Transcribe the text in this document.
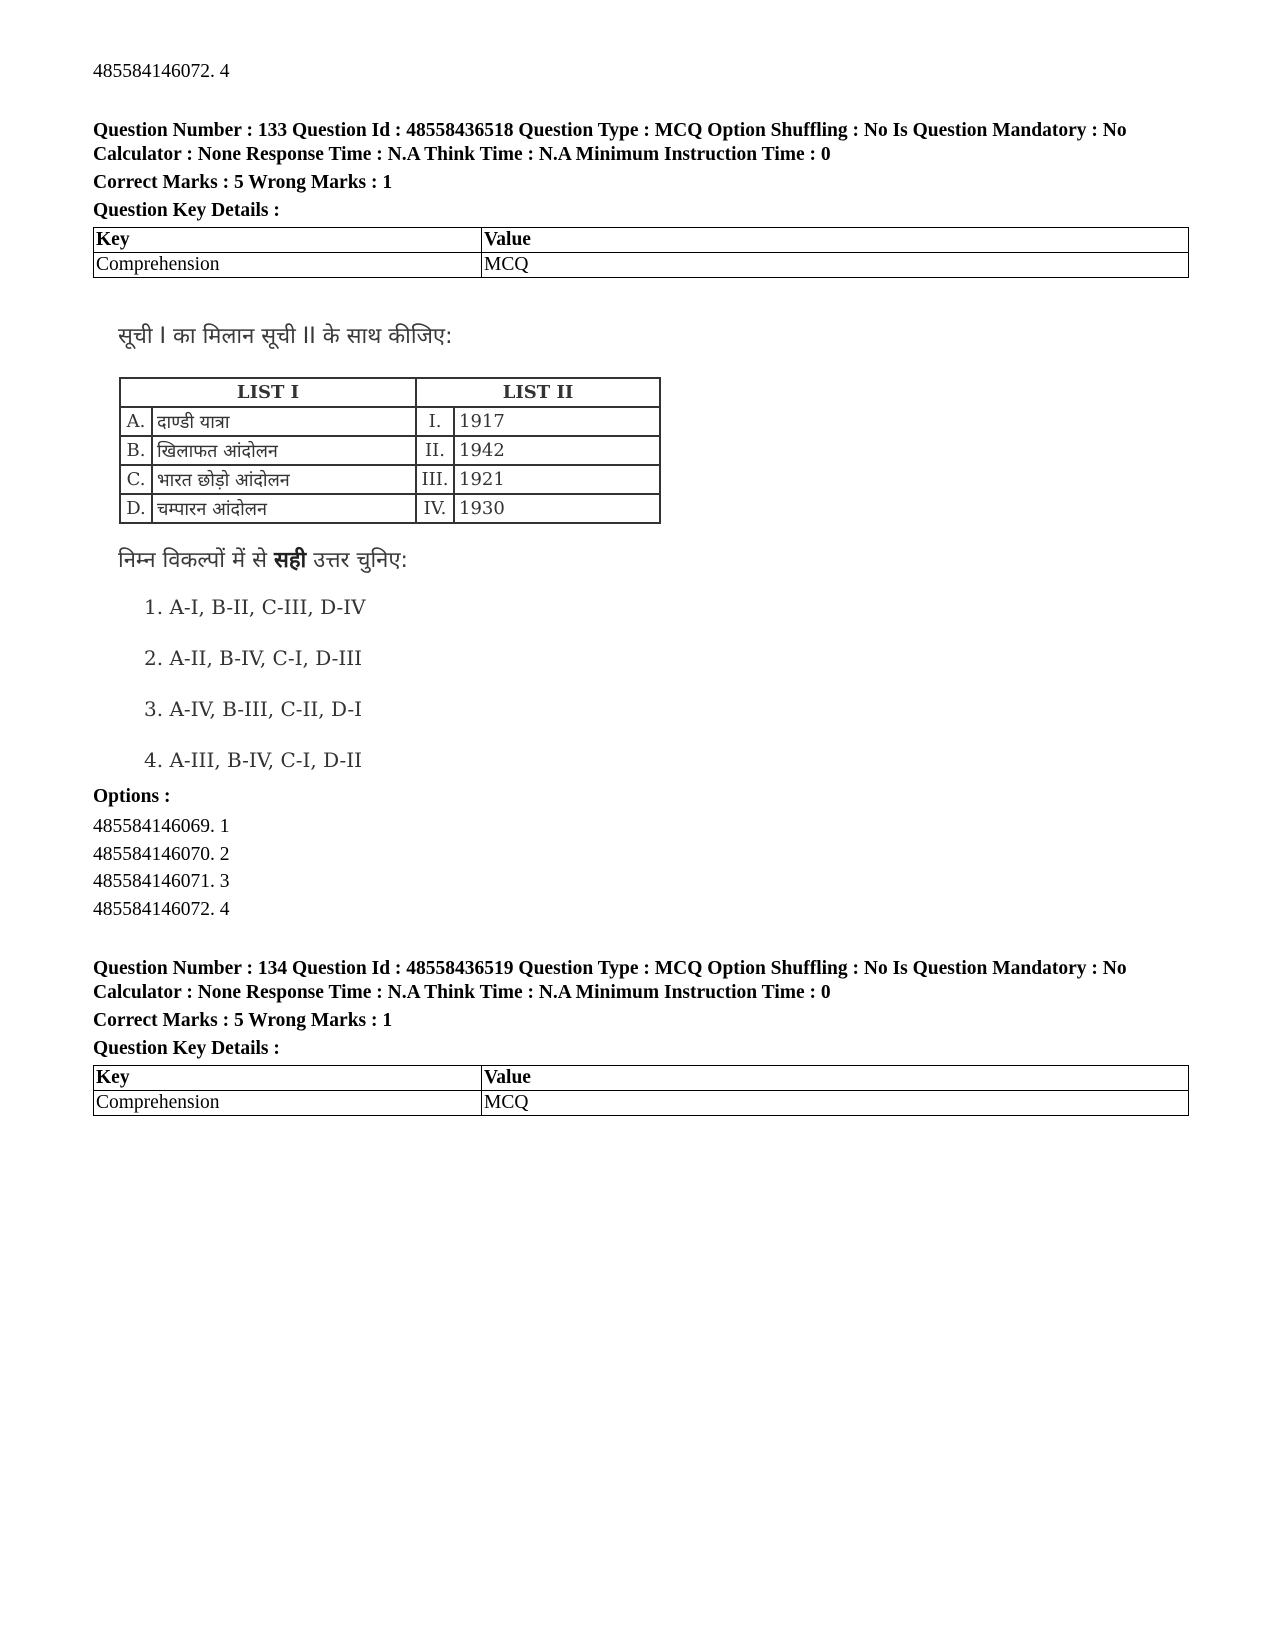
485584146072. 4
Question Number : 133 Question Id : 48558436518 Question Type : MCQ Option Shuffling : No Is Question Mandatory : No Calculator : None Response Time : N.A Think Time : N.A Minimum Instruction Time : 0
Correct Marks : 5 Wrong Marks : 1
Question Key Details :
Key	Value
Comprehension	MCQ
सूची I का मिलान सूची II के साथ कीजिए:
LIST I		LIST II	
A.	दाण्डी यात्रा	I.	1917
B.	खिलाफत आंदोलन	II.	1942
C.	भारत छोड़ो आंदोलन	III.	1921
D.	चम्पारन आंदोलन	IV.	1930
निम्न विकल्पों में से सही उत्तर चुनिए:
1. A-I, B-II, C-III, D-IV
2. A-II, B-IV, C-I, D-III
3. A-IV, B-III, C-II, D-I
4. A-III, B-IV, C-I, D-II
Options :
485584146069. 1
485584146070. 2
485584146071. 3
485584146072. 4
Question Number : 134 Question Id : 48558436519 Question Type : MCQ Option Shuffling : No Is Question Mandatory : No Calculator : None Response Time : N.A Think Time : N.A Minimum Instruction Time : 0
Correct Marks : 5 Wrong Marks : 1
Question Key Details :
Key	Value
Comprehension	MCQ
